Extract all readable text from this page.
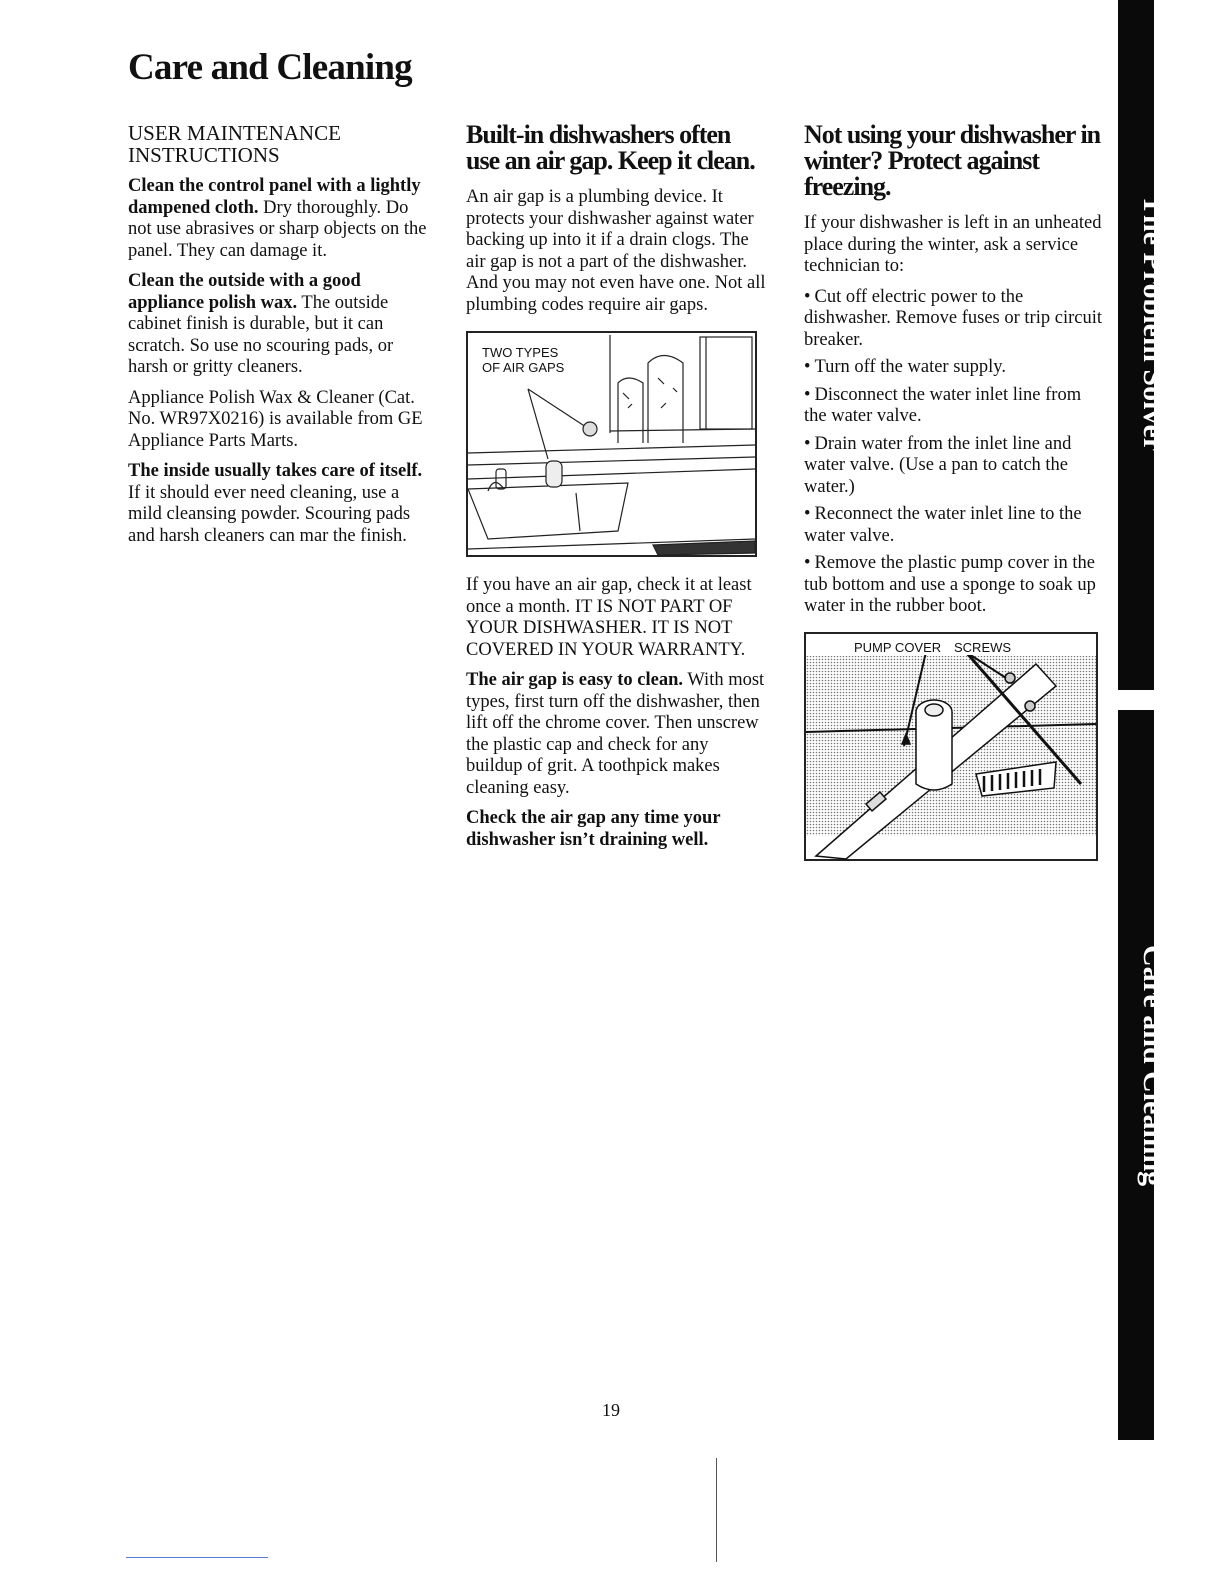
Care and Cleaning
USER MAINTENANCE INSTRUCTIONS

Clean the control panel with a lightly dampened cloth. Dry thoroughly. Do not use abrasives or sharp objects on the panel. They can damage it.

Clean the outside with a good appliance polish wax. The outside cabinet finish is durable, but it can scratch. So use no scouring pads, or harsh or gritty cleaners.

Appliance Polish Wax & Cleaner (Cat. No. WR97X0216) is available from GE Appliance Parts Marts.

The inside usually takes care of itself. If it should ever need cleaning, use a mild cleansing powder. Scouring pads and harsh cleaners can mar the finish.

Built-in dishwashers often use an air gap. Keep it clean.

An air gap is a plumbing device. It protects your dishwasher against water backing up into it if a drain clogs. The air gap is not a part of the dishwasher. And you may not even have one. Not all plumbing codes require air gaps.

TWO TYPES
OF AIR GAPS

If you have an air gap, check it at least once a month. IT IS NOT PART OF YOUR DISHWASHER. IT IS NOT COVERED IN YOUR WARRANTY.

The air gap is easy to clean. With most types, first turn off the dishwasher, then lift off the chrome cover. Then unscrew the plastic cap and check for any buildup of grit. A toothpick makes cleaning easy.

Check the air gap any time your dishwasher isn’t draining well.

Not using your dishwasher in winter? Protect against freezing.

If your dishwasher is left in an unheated place during the winter, ask a service technician to:

• Cut off electric power to the dishwasher. Remove fuses or trip circuit breaker.
• Turn off the water supply.
• Disconnect the water inlet line from the water valve.
• Drain water from the inlet line and water valve. (Use a pan to catch the water.)
• Reconnect the water inlet line to the water valve.
• Remove the plastic pump cover in the tub bottom and use a sponge to soak up water in the rubber boot.
PUMP COVER SCREWS
19
The Problem Solver
Care and Cleaning
